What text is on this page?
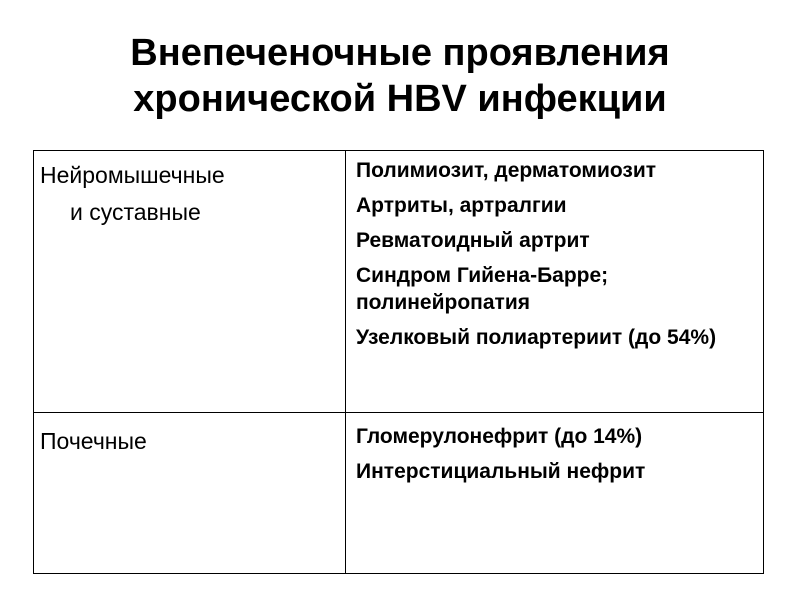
Внепеченочные проявления
хронической HBV инфекции
Нейромышечные
и суставные	Полимиозит, дерматомиозит
Артриты, артралгии
Ревматоидный артрит
Синдром Гийена-Барре; полинейропатия
Узелковый полиартериит (до 54%)

Почечные	Гломерулонефрит (до 14%)
Интерстициальный нефрит
